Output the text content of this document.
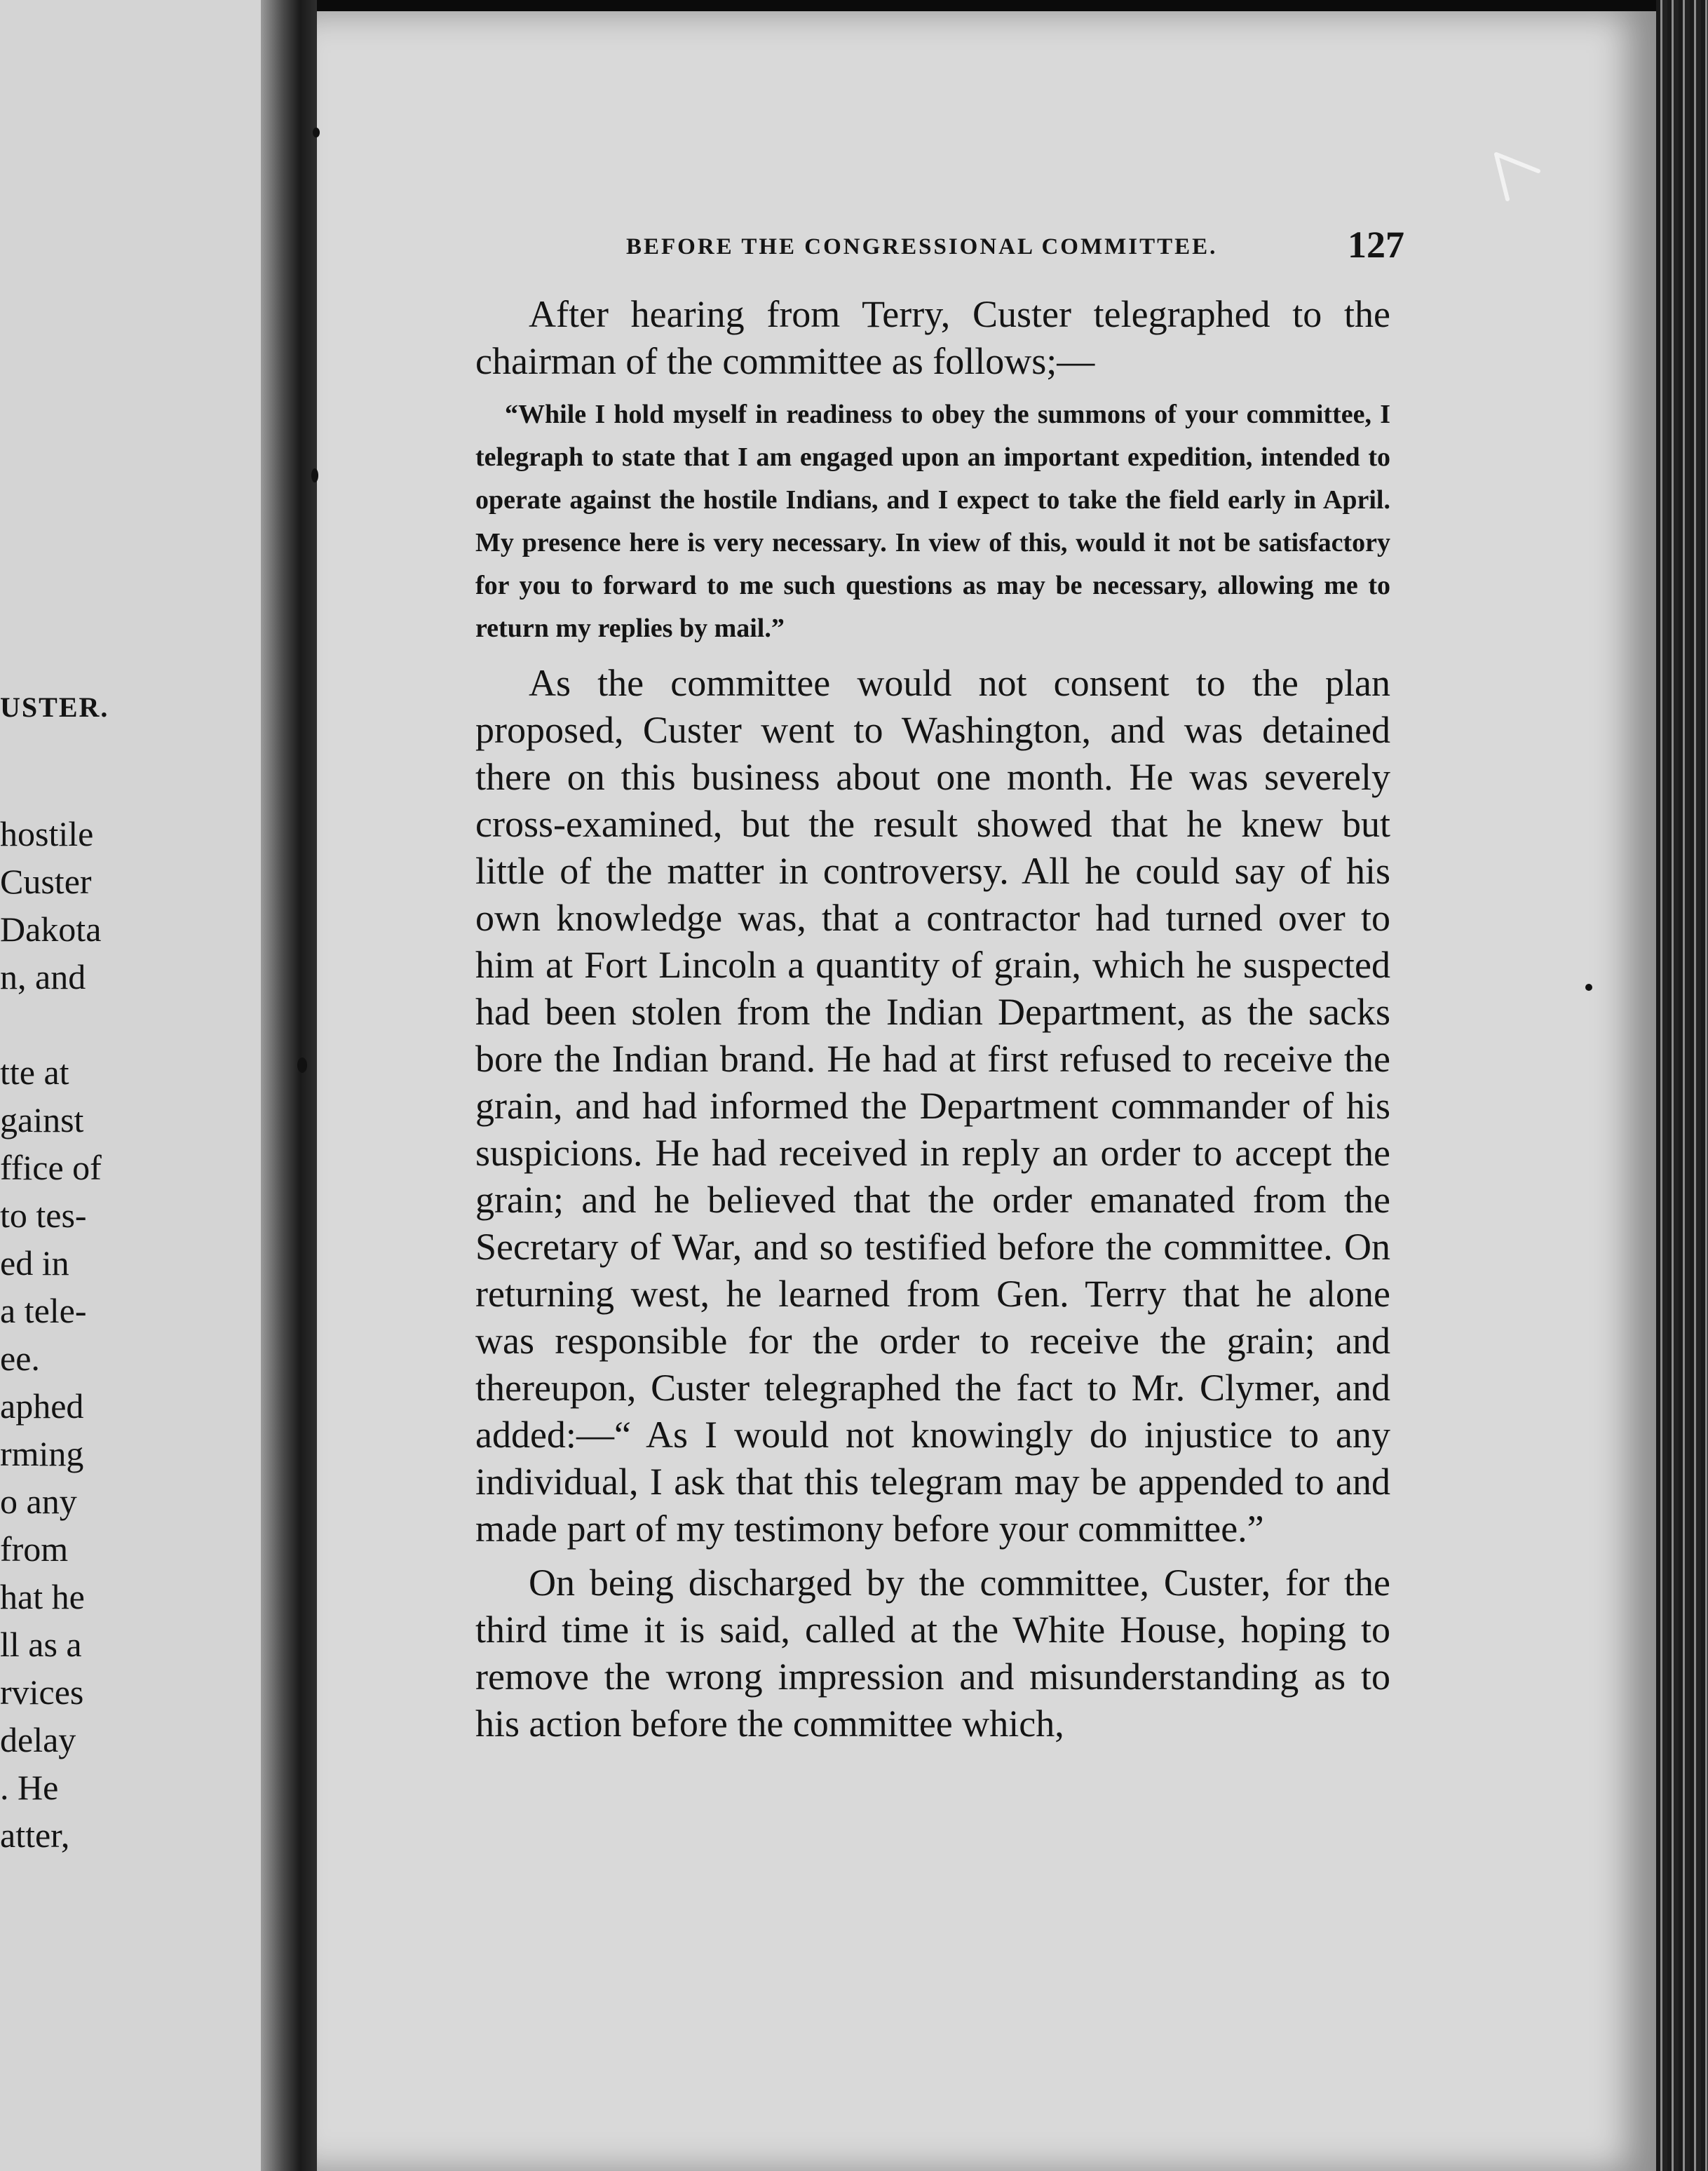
USTER.
hostile
Custer
Dakota
n, and

tte at
gainst
ffice of
to tes-
ed in
a tele-
ee.
aphed
rming
o any
from
hat he
ll as a
rvices
delay
. He
atter,
BEFORE THE CONGRESSIONAL COMMITTEE.	127

After hearing from Terry, Custer telegraphed to the chairman of the committee as follows;—

“While I hold myself in readiness to obey the summons of your committee, I telegraph to state that I am engaged upon an important expedition, intended to operate against the hostile Indians, and I expect to take the field early in April. My presence here is very necessary. In view of this, would it not be satisfactory for you to forward to me such questions as may be necessary, allowing me to return my replies by mail.”

As the committee would not consent to the plan proposed, Custer went to Washington, and was detained there on this business about one month. He was severely cross-examined, but the result showed that he knew but little of the matter in controversy. All he could say of his own knowledge was, that a contractor had turned over to him at Fort Lincoln a quantity of grain, which he suspected had been stolen from the Indian Department, as the sacks bore the Indian brand. He had at first refused to receive the grain, and had informed the Department commander of his suspicions. He had received in reply an order to accept the grain; and he believed that the order emanated from the Secretary of War, and so testified before the committee. On returning west, he learned from Gen. Terry that he alone was responsible for the order to receive the grain; and thereupon, Custer telegraphed the fact to Mr. Clymer, and added:—“ As I would not knowingly do injustice to any individual, I ask that this telegram may be appended to and made part of my testimony before your committee.”

On being discharged by the committee, Custer, for the third time it is said, called at the White House, hoping to remove the wrong impression and misunderstanding as to his action before the committee which,
